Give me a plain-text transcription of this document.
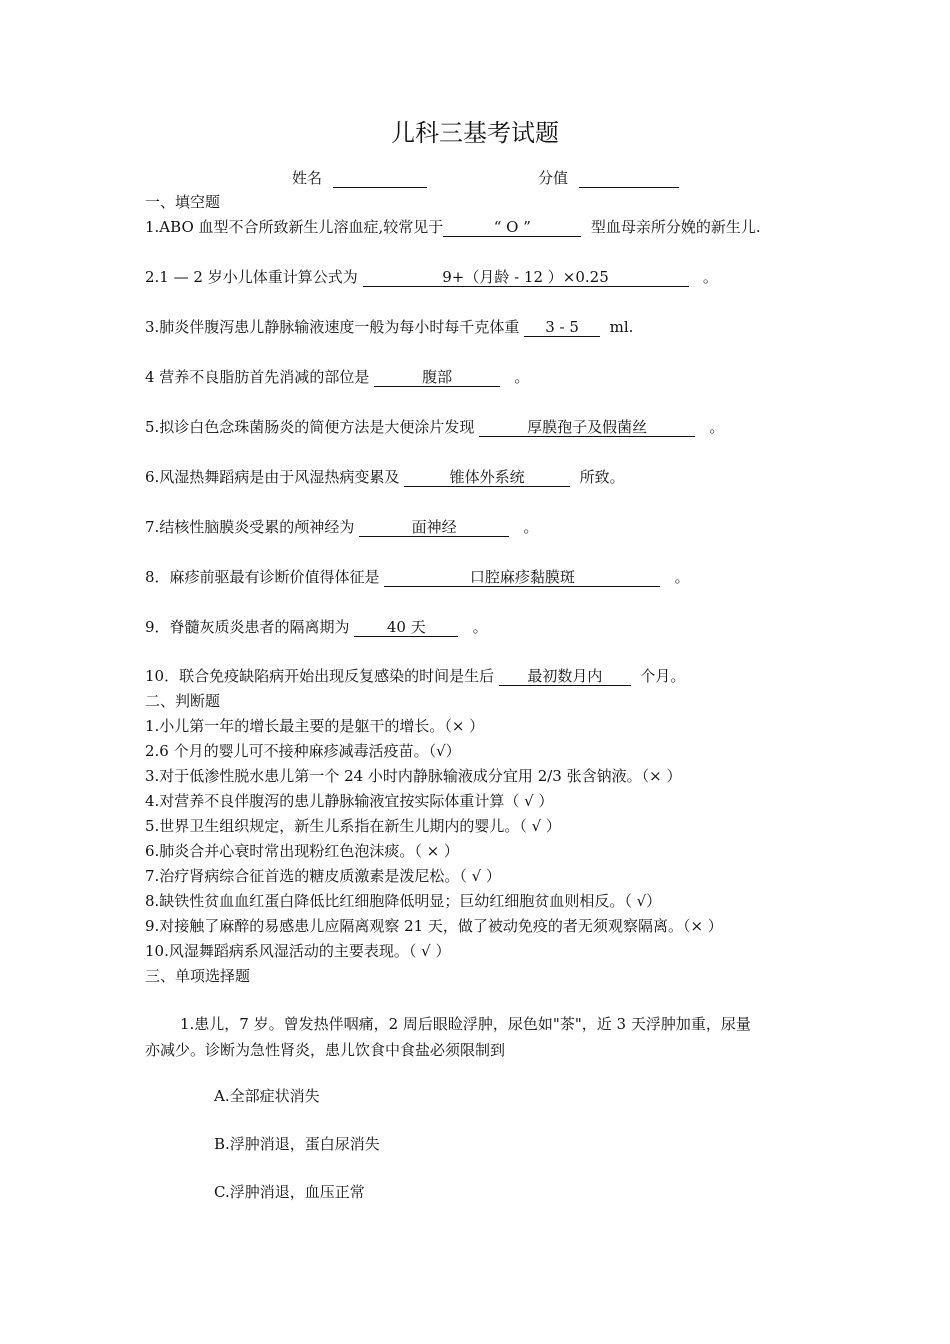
儿科三基考试题
姓名	分值
一、填空题
1.ABO 血型不合所致新生儿溶血症,较常见于	“ O ”	型血母亲所分娩的新生儿.
2.1 — 2 岁小儿体重计算公式为	9+（月龄 - 12 ）×0.25	。
3.肺炎伴腹泻患儿静脉输液速度一般为每小时每千克体重 3 - 5 ml.
4 营养不良脂肪首先消减的部位是	腹部	。
5.拟诊白色念珠菌肠炎的简便方法是大便涂片发现	厚膜孢子及假菌丝	。
6.风湿热舞蹈病是由于风湿热病变累及	锥体外系统	所致。
7.结核性脑膜炎受累的颅神经为	面神经	。
8．麻疹前驱最有诊断价值得体征是	口腔麻疹黏膜斑	。
9．脊髓灰质炎患者的隔离期为 40 天	。
10．联合免疫缺陷病开始出现反复感染的时间是生后 最初数月内	个月。
二、判断题
1.小儿第一年的增长最主要的是躯干的增长。（× ）
2.6 个月的婴儿可不接种麻疹减毒活疫苗。（√）
3.对于低渗性脱水患儿第一个 24 小时内静脉输液成分宜用 2/3 张含钠液。（× ）
4.对营养不良伴腹泻的患儿静脉输液宜按实际体重计算（ √ ）
5.世界卫生组织规定，新生儿系指在新生儿期内的婴儿。（ √ ）
6.肺炎合并心衰时常出现粉红色泡沫痰。（ × ）
7.治疗肾病综合征首选的糖皮质激素是泼尼松。（ √ ）
8.缺铁性贫血血红蛋白降低比红细胞降低明显；巨幼红细胞贫血则相反。（ √）
9.对接触了麻醉的易感患儿应隔离观察 21 天，做了被动免疫的者无须观察隔离。（× ）
10.风湿舞蹈病系风湿活动的主要表现。（ √ ）
三、单项选择题
1.患儿，7 岁。曾发热伴咽痛，2 周后眼睑浮肿，尿色如"茶"，近 3 天浮肿加重，尿量
亦减少。诊断为急性肾炎，患儿饮食中食盐必须限制到
A.全部症状消失
B.浮肿消退，蛋白尿消失
C.浮肿消退，血压正常
